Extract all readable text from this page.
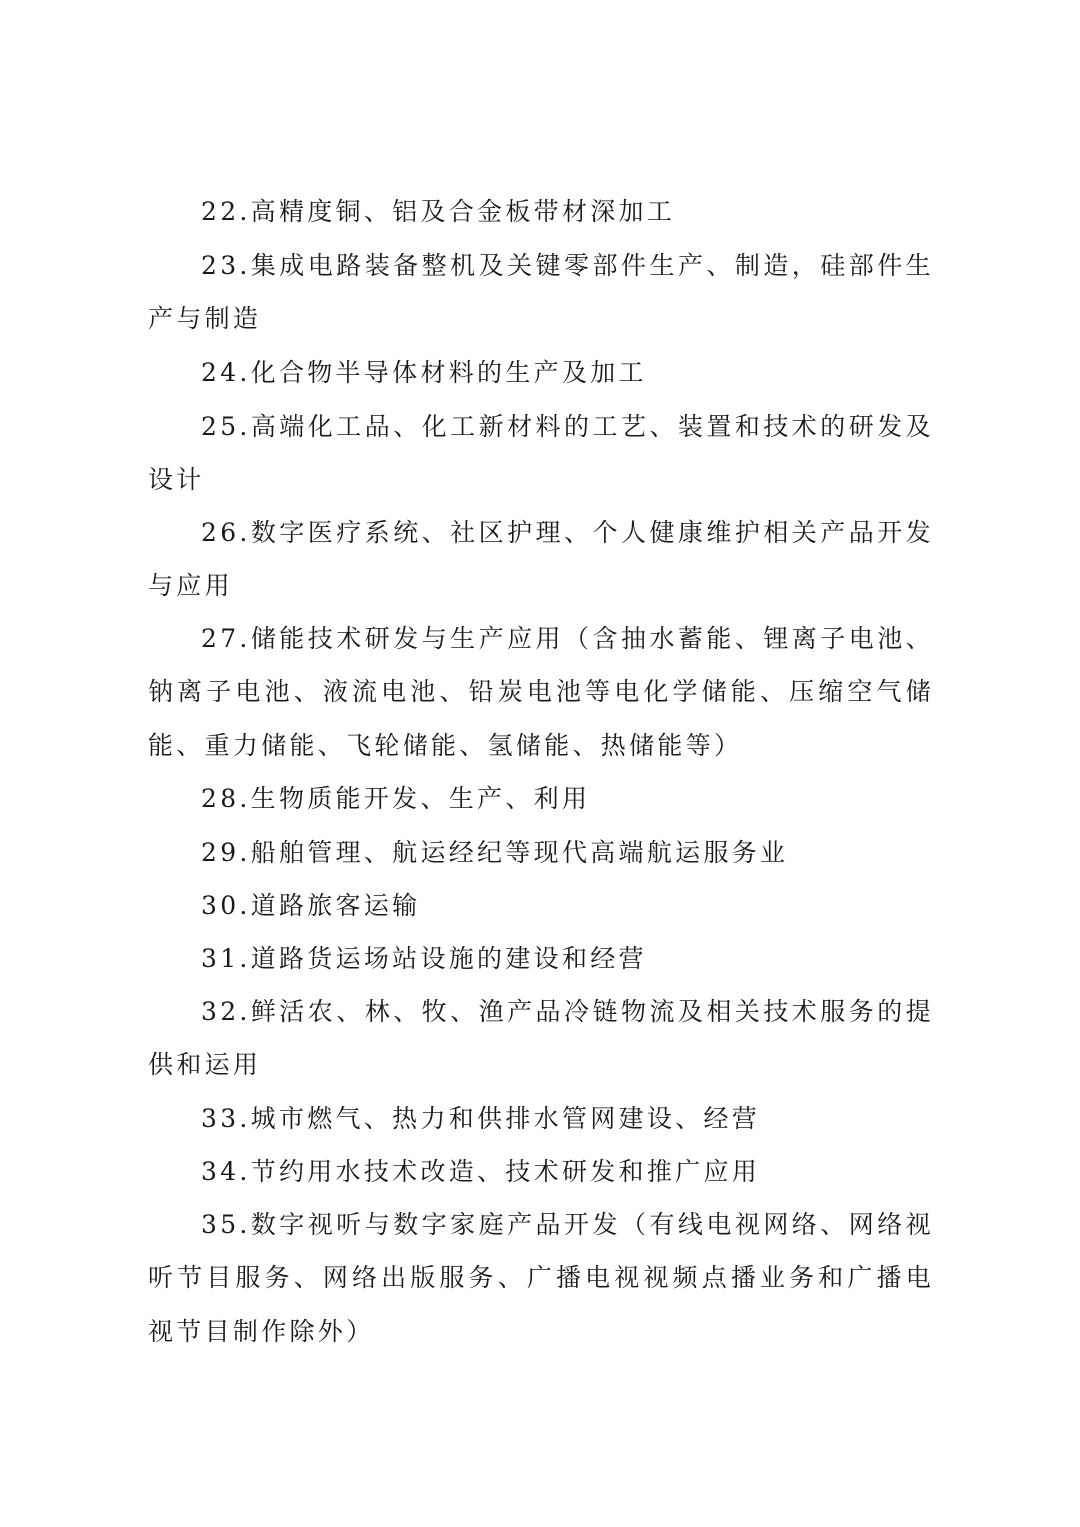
22.高精度铜、铝及合金板带材深加工

23.集成电路装备整机及关键零部件生产、制造，硅部件生产与制造

24.化合物半导体材料的生产及加工

25.高端化工品、化工新材料的工艺、装置和技术的研发及设计

26.数字医疗系统、社区护理、个人健康维护相关产品开发与应用

27.储能技术研发与生产应用（含抽水蓄能、锂离子电池、钠离子电池、液流电池、铅炭电池等电化学储能、压缩空气储能、重力储能、飞轮储能、氢储能、热储能等）

28.生物质能开发、生产、利用

29.船舶管理、航运经纪等现代高端航运服务业

30.道路旅客运输

31.道路货运场站设施的建设和经营

32.鲜活农、林、牧、渔产品冷链物流及相关技术服务的提供和运用

33.城市燃气、热力和供排水管网建设、经营

34.节约用水技术改造、技术研发和推广应用

35.数字视听与数字家庭产品开发（有线电视网络、网络视听节目服务、网络出版服务、广播电视视频点播业务和广播电视节目制作除外）
